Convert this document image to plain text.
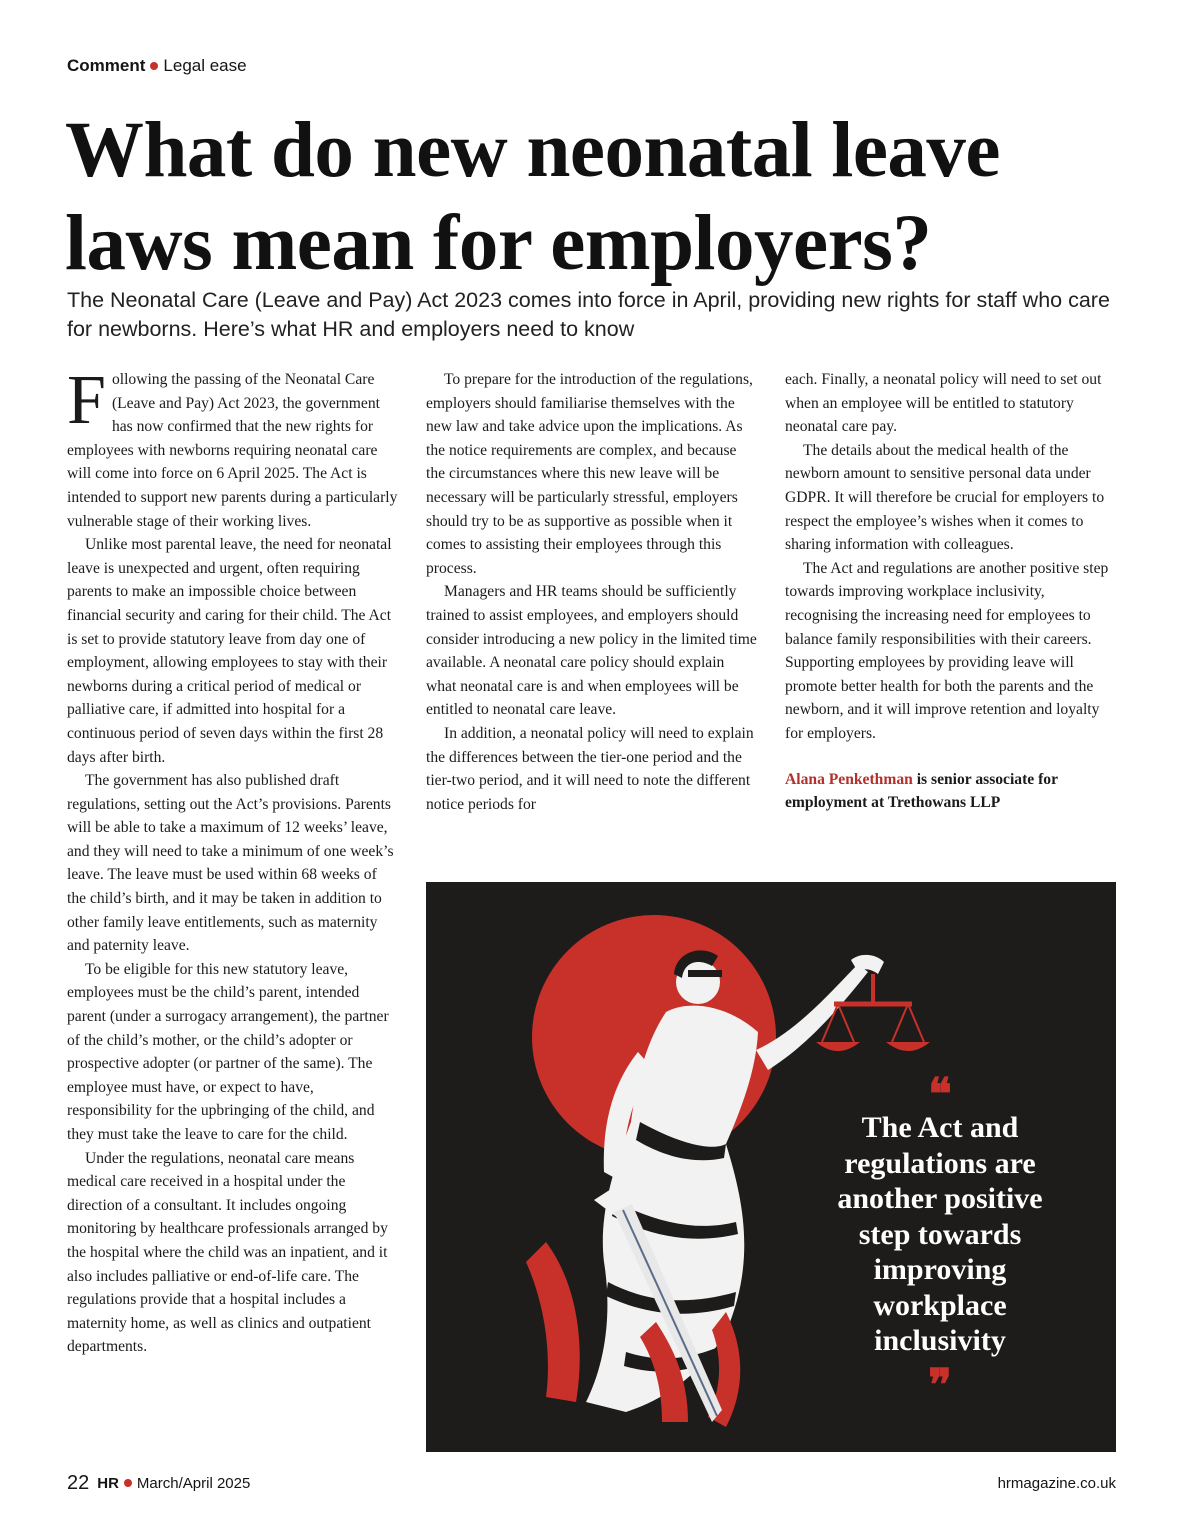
Comment Legal ease
What do new neonatal leave laws mean for employers?

The Neonatal Care (Leave and Pay) Act 2023 comes into force in April, providing new rights for staff who care for newborns. Here’s what HR and employers need to know

Following the passing of the Neonatal Care (Leave and Pay) Act 2023, the government has now confirmed that the new rights for employees with newborns requiring neonatal care will come into force on 6 April 2025. The Act is intended to support new parents during a particularly vulnerable stage of their working lives.

Unlike most parental leave, the need for neonatal leave is unexpected and urgent, often requiring parents to make an impossible choice between financial security and caring for their child. The Act is set to provide statutory leave from day one of employment, allowing employees to stay with their newborns during a critical period of medical or palliative care, if admitted into hospital for a continuous period of seven days within the first 28 days after birth.

The government has also published draft regulations, setting out the Act’s provisions. Parents will be able to take a maximum of 12 weeks’ leave, and they will need to take a minimum of one week’s leave. The leave must be used within 68 weeks of the child’s birth, and it may be taken in addition to other family leave entitlements, such as maternity and paternity leave.

To be eligible for this new statutory leave, employees must be the child’s parent, intended parent (under a surrogacy arrangement), the partner of the child’s mother, or the child’s adopter or prospective adopter (or partner of the same). The employee must have, or expect to have, responsibility for the upbringing of the child, and they must take the leave to care for the child.

Under the regulations, neonatal care means medical care received in a hospital under the direction of a consultant. It includes ongoing monitoring by healthcare professionals arranged by the hospital where the child was an inpatient, and it also includes palliative or end-of-life care. The regulations provide that a hospital includes a maternity home, as well as clinics and outpatient departments.

To prepare for the introduction of the regulations, employers should familiarise themselves with the new law and take advice upon the implications. As the notice requirements are complex, and because the circumstances where this new leave will be necessary will be particularly stressful, employers should try to be as supportive as possible when it comes to assisting their employees through this process.

Managers and HR teams should be sufficiently trained to assist employees, and employers should consider introducing a new policy in the limited time available. A neonatal care policy should explain what neonatal care is and when employees will be entitled to neonatal care leave.

In addition, a neonatal policy will need to explain the differences between the tier-one period and the tier-two period, and it will need to note the different notice periods for

each. Finally, a neonatal policy will need to set out when an employee will be entitled to statutory neonatal care pay.

The details about the medical health of the newborn amount to sensitive personal data under GDPR. It will therefore be crucial for employers to respect the employee’s wishes when it comes to sharing information with colleagues.

The Act and regulations are another positive step towards improving workplace inclusivity, recognising the increasing need for employees to balance family responsibilities with their careers. Supporting employees by providing leave will promote better health for both the parents and the newborn, and it will improve retention and loyalty for employers.

Alana Penkethman is senior associate for employment at Trethowans LLP

❝

The Act and regulations are another positive step towards improving workplace inclusivity

❞
22 HR March/April 2025	hrmagazine.co.uk
